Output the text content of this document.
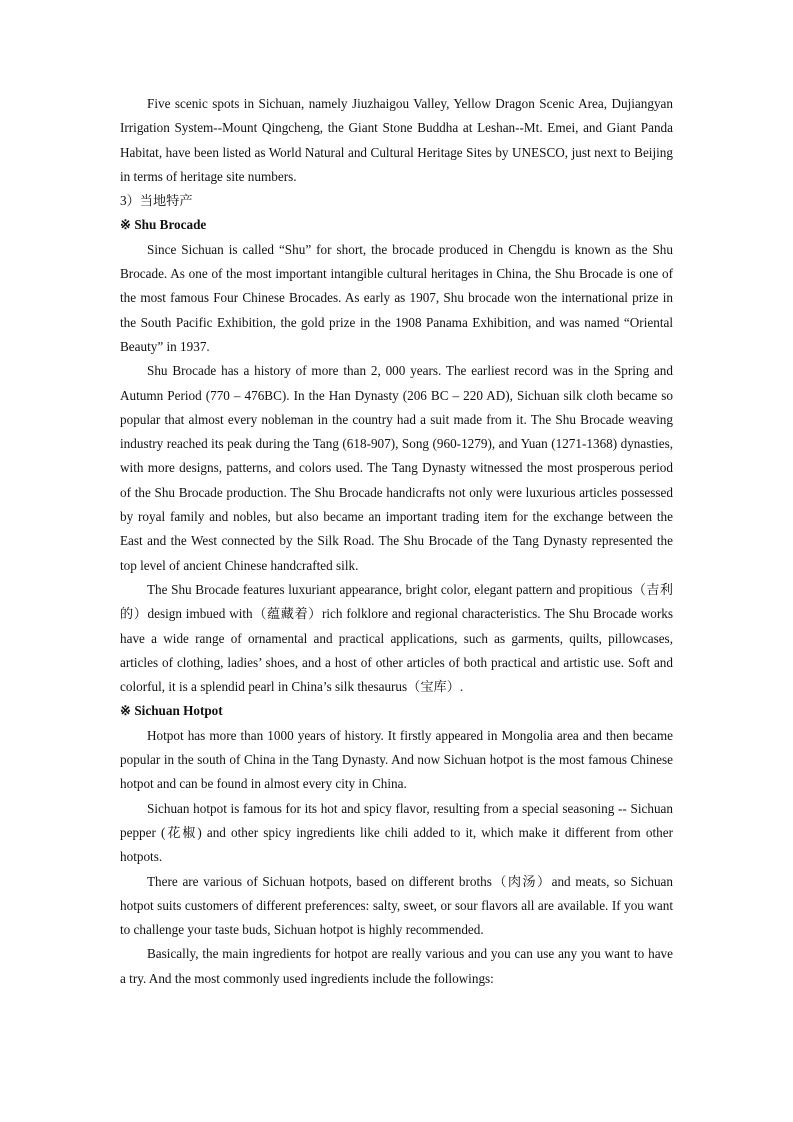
Five scenic spots in Sichuan, namely Jiuzhaigou Valley, Yellow Dragon Scenic Area, Dujiangyan Irrigation System--Mount Qingcheng, the Giant Stone Buddha at Leshan--Mt. Emei, and Giant Panda Habitat, have been listed as World Natural and Cultural Heritage Sites by UNESCO, just next to Beijing in terms of heritage site numbers.

3）当地特产
※ Shu Brocade

Since Sichuan is called “Shu” for short, the brocade produced in Chengdu is known as the Shu Brocade. As one of the most important intangible cultural heritages in China, the Shu Brocade is one of the most famous Four Chinese Brocades. As early as 1907, Shu brocade won the international prize in the South Pacific Exhibition, the gold prize in the 1908 Panama Exhibition, and was named “Oriental Beauty” in 1937.

Shu Brocade has a history of more than 2, 000 years. The earliest record was in the Spring and Autumn Period (770 – 476BC). In the Han Dynasty (206 BC – 220 AD), Sichuan silk cloth became so popular that almost every nobleman in the country had a suit made from it. The Shu Brocade weaving industry reached its peak during the Tang (618-907), Song (960-1279), and Yuan (1271-1368) dynasties, with more designs, patterns, and colors used. The Tang Dynasty witnessed the most prosperous period of the Shu Brocade production. The Shu Brocade handicrafts not only were luxurious articles possessed by royal family and nobles, but also became an important trading item for the exchange between the East and the West connected by the Silk Road. The Shu Brocade of the Tang Dynasty represented the top level of ancient Chinese handcrafted silk.

The Shu Brocade features luxuriant appearance, bright color, elegant pattern and propitious（吉利的）design imbued with（蕴藏着）rich folklore and regional characteristics. The Shu Brocade works have a wide range of ornamental and practical applications, such as garments, quilts, pillowcases, articles of clothing, ladies’ shoes, and a host of other articles of both practical and artistic use. Soft and colorful, it is a splendid pearl in China’s silk thesaurus（宝库）.

※ Sichuan Hotpot

Hotpot has more than 1000 years of history. It firstly appeared in Mongolia area and then became popular in the south of China in the Tang Dynasty. And now Sichuan hotpot is the most famous Chinese hotpot and can be found in almost every city in China.

Sichuan hotpot is famous for its hot and spicy flavor, resulting from a special seasoning -- Sichuan pepper (花椒) and other spicy ingredients like chili added to it, which make it different from other hotpots.

There are various of Sichuan hotpots, based on different broths（肉汤）and meats, so Sichuan hotpot suits customers of different preferences: salty, sweet, or sour flavors all are available. If you want to challenge your taste buds, Sichuan hotpot is highly recommended.

Basically, the main ingredients for hotpot are really various and you can use any you want to have a try. And the most commonly used ingredients include the followings:
